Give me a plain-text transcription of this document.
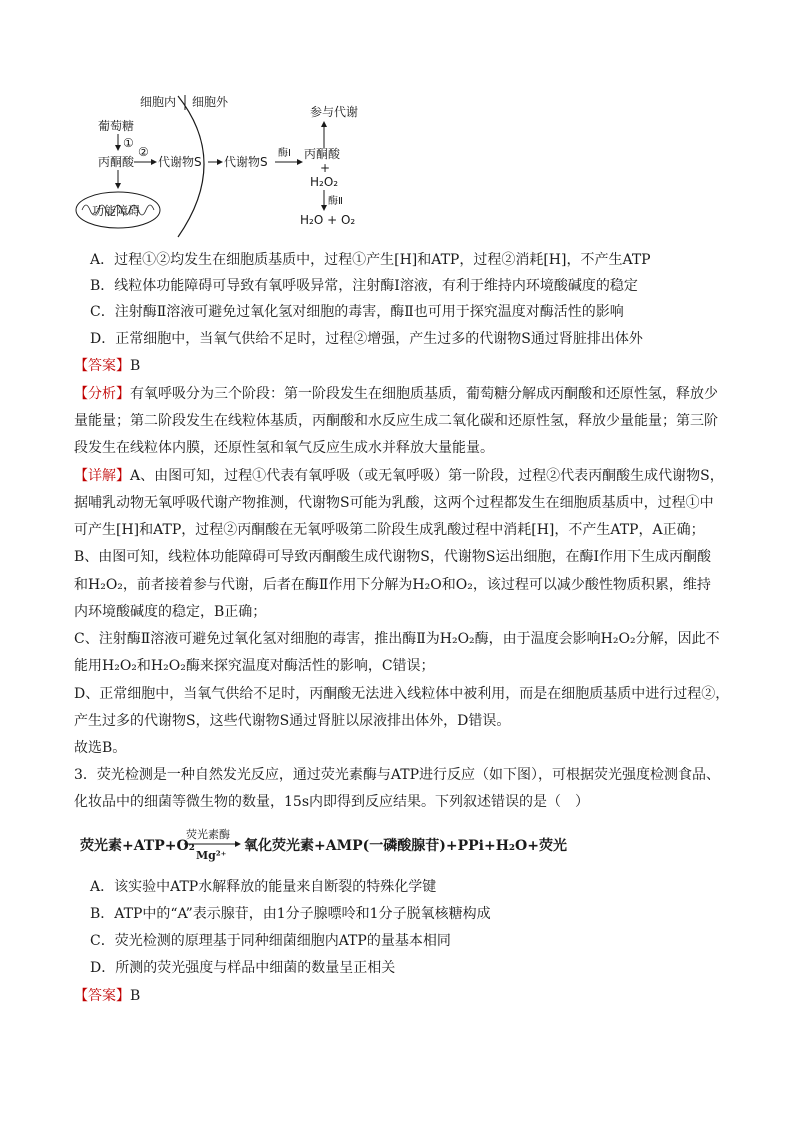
细胞内 细胞外
葡萄糖
①
丙酮酸
②
代谢物S 代谢物S
酶Ⅰ 丙酮酸
参与代谢
+
H₂O₂
酶Ⅱ
H₂O + O₂
功能障碍
A．过程①②均发生在细胞质基质中，过程①产生[H]和ATP，过程②消耗[H]，不产生ATP
B．线粒体功能障碍可导致有氧呼吸异常，注射酶Ⅰ溶液，有利于维持内环境酸碱度的稳定
C．注射酶Ⅱ溶液可避免过氧化氢对细胞的毒害，酶Ⅱ也可用于探究温度对酶活性的影响
D．正常细胞中，当氧气供给不足时，过程②增强，产生过多的代谢物S通过肾脏排出体外
【答案】B
【分析】有氧呼吸分为三个阶段：第一阶段发生在细胞质基质，葡萄糖分解成丙酮酸和还原性氢，释放少
量能量；第二阶段发生在线粒体基质，丙酮酸和水反应生成二氧化碳和还原性氢，释放少量能量；第三阶
段发生在线粒体内膜，还原性氢和氧气反应生成水并释放大量能量。
【详解】A、由图可知，过程①代表有氧呼吸（或无氧呼吸）第一阶段，过程②代表丙酮酸生成代谢物S，
据哺乳动物无氧呼吸代谢产物推测，代谢物S可能为乳酸，这两个过程都发生在细胞质基质中，过程①中
可产生[H]和ATP，过程②丙酮酸在无氧呼吸第二阶段生成乳酸过程中消耗[H]，不产生ATP，A正确；
B、由图可知，线粒体功能障碍可导致丙酮酸生成代谢物S，代谢物S运出细胞，在酶Ⅰ作用下生成丙酮酸
和H₂O₂，前者接着参与代谢，后者在酶Ⅱ作用下分解为H₂O和O₂，该过程可以减少酸性物质积累，维持
内环境酸碱度的稳定，B正确；
C、注射酶Ⅱ溶液可避免过氧化氢对细胞的毒害，推出酶Ⅱ为H₂O₂酶，由于温度会影响H₂O₂分解，因此不
能用H₂O₂和H₂O₂酶来探究温度对酶活性的影响，C错误；
D、正常细胞中，当氧气供给不足时，丙酮酸无法进入线粒体中被利用，而是在细胞质基质中进行过程②，
产生过多的代谢物S，这些代谢物S通过肾脏以尿液排出体外，D错误。
故选B。
3．荧光检测是一种自然发光反应，通过荧光素酶与ATP进行反应（如下图），可根据荧光强度检测食品、
化妆品中的细菌等微生物的数量，15s内即得到反应结果。下列叙述错误的是（　）
荧光素+ATP+O₂
荧光素酶
Mg²⁺
氧化荧光素+AMP(一磷酸腺苷)+PPi+H₂O+荧光
A．该实验中ATP水解释放的能量来自断裂的特殊化学键
B．ATP中的“A”表示腺苷，由1分子腺嘌呤和1分子脱氧核糖构成
C．荧光检测的原理基于同种细菌细胞内ATP的量基本相同
D．所测的荧光强度与样品中细菌的数量呈正相关
【答案】B
